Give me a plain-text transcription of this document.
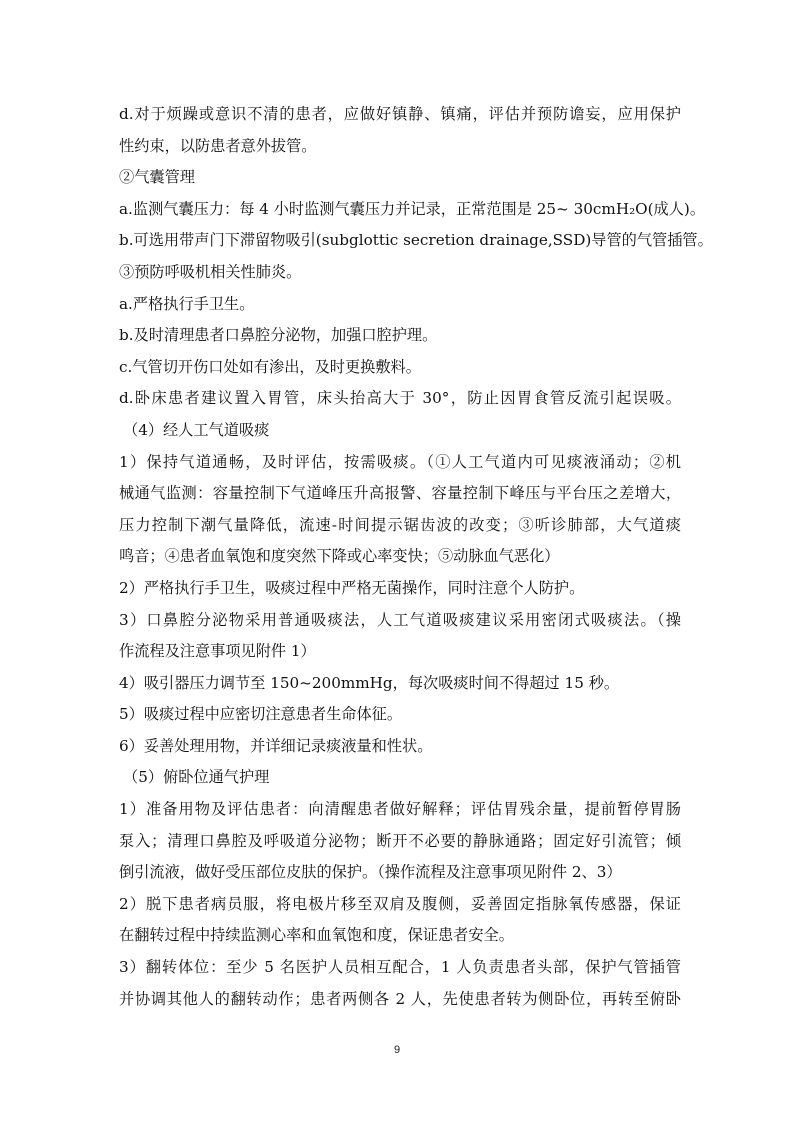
d.对于烦躁或意识不清的患者，应做好镇静、镇痛，评估并预防谵妄，应用保护
性约束，以防患者意外拔管。
②气囊管理
a.监测气囊压力：每 4 小时监测气囊压力并记录，正常范围是 25~ 30cmH₂O(成人)。
b.可选用带声门下滞留物吸引(subglottic secretion drainage,SSD)导管的气管插管。
③预防呼吸机相关性肺炎。
a.严格执行手卫生。
b.及时清理患者口鼻腔分泌物，加强口腔护理。
c.气管切开伤口处如有渗出，及时更换敷料。
d.卧床患者建议置入胃管，床头抬高大于 30°，防止因胃食管反流引起误吸。
（4）经人工气道吸痰
1）保持气道通畅，及时评估，按需吸痰。（①人工气道内可见痰液涌动；②机
械通气监测：容量控制下气道峰压升高报警、容量控制下峰压与平台压之差增大，
压力控制下潮气量降低，流速-时间提示锯齿波的改变；③听诊肺部，大气道痰
鸣音；④患者血氧饱和度突然下降或心率变快；⑤动脉血气恶化）
2）严格执行手卫生，吸痰过程中严格无菌操作，同时注意个人防护。
3）口鼻腔分泌物采用普通吸痰法，人工气道吸痰建议采用密闭式吸痰法。（操
作流程及注意事项见附件 1）
4）吸引器压力调节至 150~200mmHg，每次吸痰时间不得超过 15 秒。
5）吸痰过程中应密切注意患者生命体征。
6）妥善处理用物，并详细记录痰液量和性状。
（5）俯卧位通气护理
1）准备用物及评估患者：向清醒患者做好解释；评估胃残余量，提前暂停胃肠
泵入；清理口鼻腔及呼吸道分泌物；断开不必要的静脉通路；固定好引流管；倾
倒引流液，做好受压部位皮肤的保护。（操作流程及注意事项见附件 2、3）
2）脱下患者病员服，将电极片移至双肩及腹侧，妥善固定指脉氧传感器，保证
在翻转过程中持续监测心率和血氧饱和度，保证患者安全。
3）翻转体位：至少 5 名医护人员相互配合，1 人负责患者头部，保护气管插管
并协调其他人的翻转动作；患者两侧各 2 人，先使患者转为侧卧位，再转至俯卧
9
